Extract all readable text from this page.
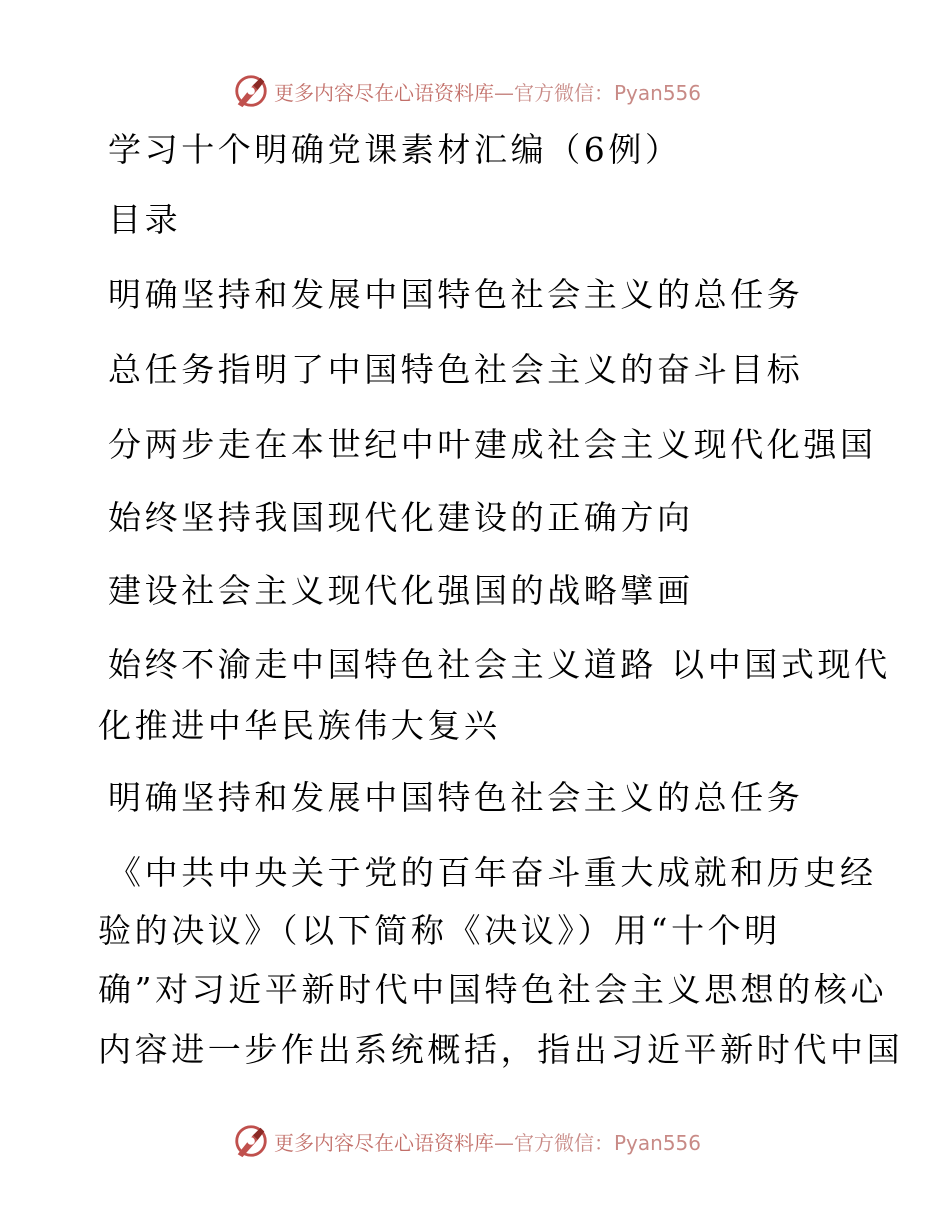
更多内容尽在心语资料库—官方微信：Pyan556
学习十个明确党课素材汇编（6例）
目录
明确坚持和发展中国特色社会主义的总任务
总任务指明了中国特色社会主义的奋斗目标
分两步走在本世纪中叶建成社会主义现代化强国
始终坚持我国现代化建设的正确方向
建设社会主义现代化强国的战略擘画
始终不渝走中国特色社会主义道路 以中国式现代
化推进中华民族伟大复兴
明确坚持和发展中国特色社会主义的总任务
《中共中央关于党的百年奋斗重大成就和历史经
验的决议》（以下简称《决议》）用“十个明
确”对习近平新时代中国特色社会主义思想的核心
内容进一步作出系统概括，指出习近平新时代中国
更多内容尽在心语资料库—官方微信：Pyan556
